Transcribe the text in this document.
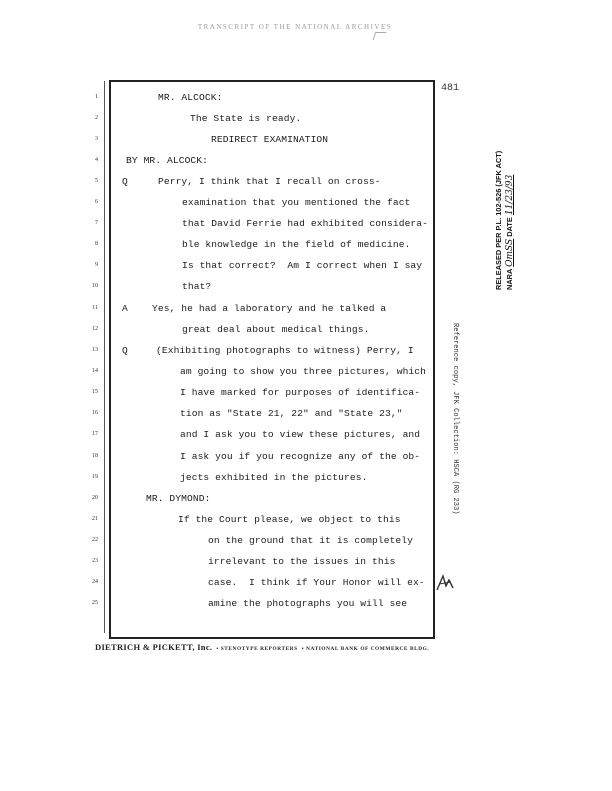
TRANSCRIPT OF THE NATIONAL ARCHIVES
481
1
2
3
4
5
6
7
8
9
10
11
12
13
14
15
16
17
18
19
20
21
22
23
24
25
Q
A
Q
MR. ALCOCK:
The State is ready.
REDIRECT EXAMINATION
BY MR. ALCOCK:
Perry, I think that I recall on cross-
examination that you mentioned the fact
that David Ferrie had exhibited considera-
ble knowledge in the field of medicine.
Is that correct?  Am I correct when I say
that?
Yes, he had a laboratory and he talked a
great deal about medical things.
(Exhibiting photographs to witness) Perry, I
am going to show you three pictures, which
I have marked for purposes of identifica-
tion as "State 21, 22" and "State 23,"
and I ask you to view these pictures, and
I ask you if you recognize any of the ob-
jects exhibited in the pictures.
MR. DYMOND:
If the Court please, we object to this
on the ground that it is completely
irrelevant to the issues in this
case.  I think if Your Honor will ex-
amine the photographs you will see
DIETRICH & PICKETT, Inc. • STENOTYPE REPORTERS • NATIONAL BANK OF COMMERCE BLDG.
RELEASED PER P.L. 102-526 (JFK ACT) NARA OmSS DATE 11/23/93
Reference copy, JFK Collection: HSCA (RG 233)
